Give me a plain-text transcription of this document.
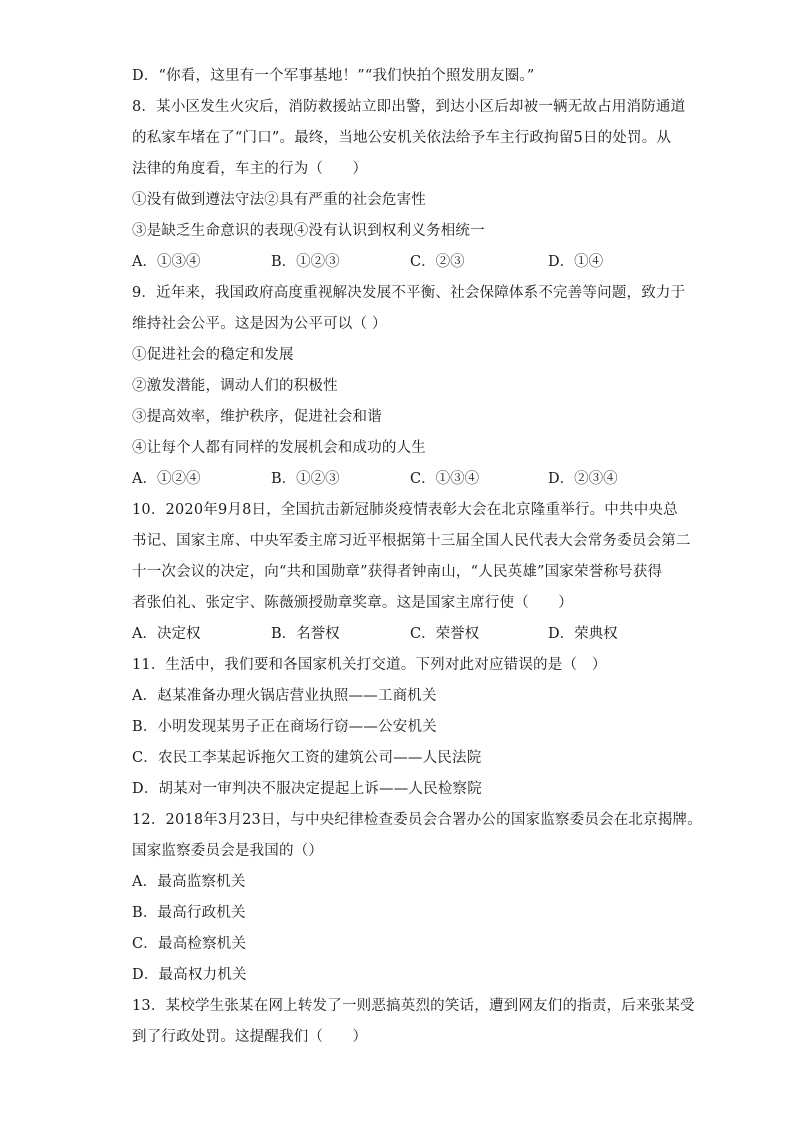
D．“你看，这里有一个军事基地！”“我们快拍个照发朋友圈。”
8．某小区发生火灾后，消防救援站立即出警，到达小区后却被一辆无故占用消防通道
的私家车堵在了“门口”。最终，当地公安机关依法给予车主行政拘留5日的处罚。从
法律的角度看，车主的行为（　　）
①没有做到遵法守法②具有严重的社会危害性
③是缺乏生命意识的表现④没有认识到权利义务相统一
A．①③④	B．①②③	C．②③	D．①④
9．近年来，我国政府高度重视解决发展不平衡、社会保障体系不完善等问题，致力于
维持社会公平。这是因为公平可以（ ）
①促进社会的稳定和发展
②激发潜能，调动人们的积极性
③提高效率，维护秩序，促进社会和谐
④让每个人都有同样的发展机会和成功的人生
A．①②④	B．①②③	C．①③④	D．②③④
10．2020年9月8日，全国抗击新冠肺炎疫情表彰大会在北京隆重举行。中共中央总
书记、国家主席、中央军委主席习近平根据第十三届全国人民代表大会常务委员会第二
十一次会议的决定，向“共和国勋章”获得者钟南山，“人民英雄”国家荣誉称号获得
者张伯礼、张定宇、陈薇颁授勋章奖章。这是国家主席行使（　　）
A．决定权	B．名誉权	C．荣誉权	D．荣典权
11．生活中，我们要和各国家机关打交道。下列对此对应错误的是（　）
A．赵某准备办理火锅店营业执照——工商机关
B．小明发现某男子正在商场行窃——公安机关
C．农民工李某起诉拖欠工资的建筑公司——人民法院
D．胡某对一审判决不服决定提起上诉——人民检察院
12．2018年3月23日，与中央纪律检查委员会合署办公的国家监察委员会在北京揭牌。
国家监察委员会是我国的（）
A．最高监察机关
B．最高行政机关
C．最高检察机关
D．最高权力机关
13．某校学生张某在网上转发了一则恶搞英烈的笑话，遭到网友们的指责，后来张某受
到了行政处罚。这提醒我们（　　）
